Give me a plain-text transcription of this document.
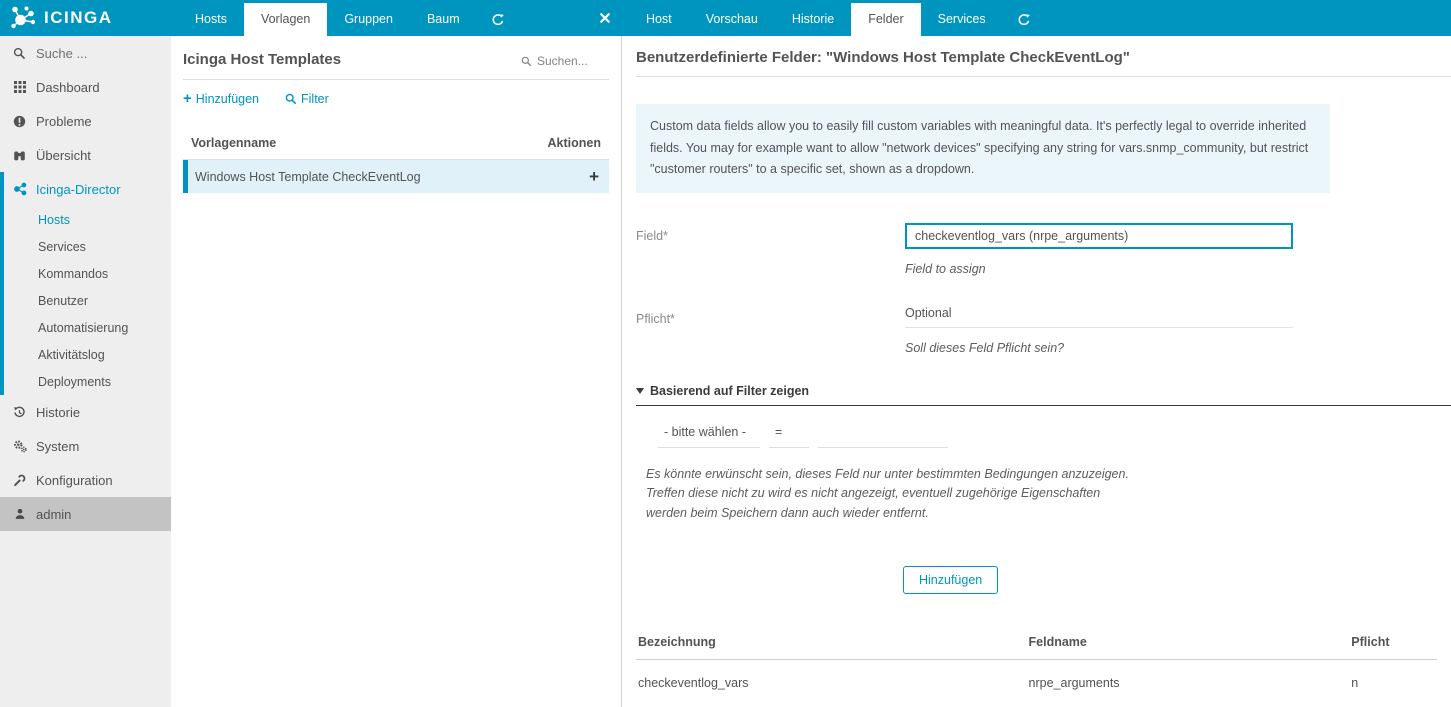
ICINGA	Hosts	Vorlagen	Gruppen	Baum	Host	Vorschau	Historie	Felder	Services
Suche ...
Dashboard
Probleme
Übersicht
Icinga-Director
Hosts
Services
Kommandos
Benutzer
Automatisierung
Aktivitätslog
Deployments
Historie
System
Konfiguration
admin
Icinga Host Templates
Suchen...
+ Hinzufügen	Filter
Vorlagenname	Aktionen
Windows Host Template CheckEventLog	+
Benutzerdefinierte Felder: "Windows Host Template CheckEventLog"
Custom data fields allow you to easily fill custom variables with meaningful data. It's perfectly legal to override inherited fields. You may for example want to allow "network devices" specifying any string for vars.snmp_community, but restrict "customer routers" to a specific set, shown as a dropdown.
Field*
checkeventlog_vars (nrpe_arguments)
Field to assign
Pflicht*	Optional
Soll dieses Feld Pflicht sein?
Basierend auf Filter zeigen
- bitte wählen -	=

Es könnte erwünscht sein, dieses Feld nur unter bestimmten Bedingungen anzuzeigen. Treffen diese nicht zu wird es nicht angezeigt, eventuell zugehörige Eigenschaften werden beim Speichern dann auch wieder entfernt.

Hinzufügen
Bezeichnung	Feldname	Pflicht
checkeventlog_vars	nrpe_arguments	n
